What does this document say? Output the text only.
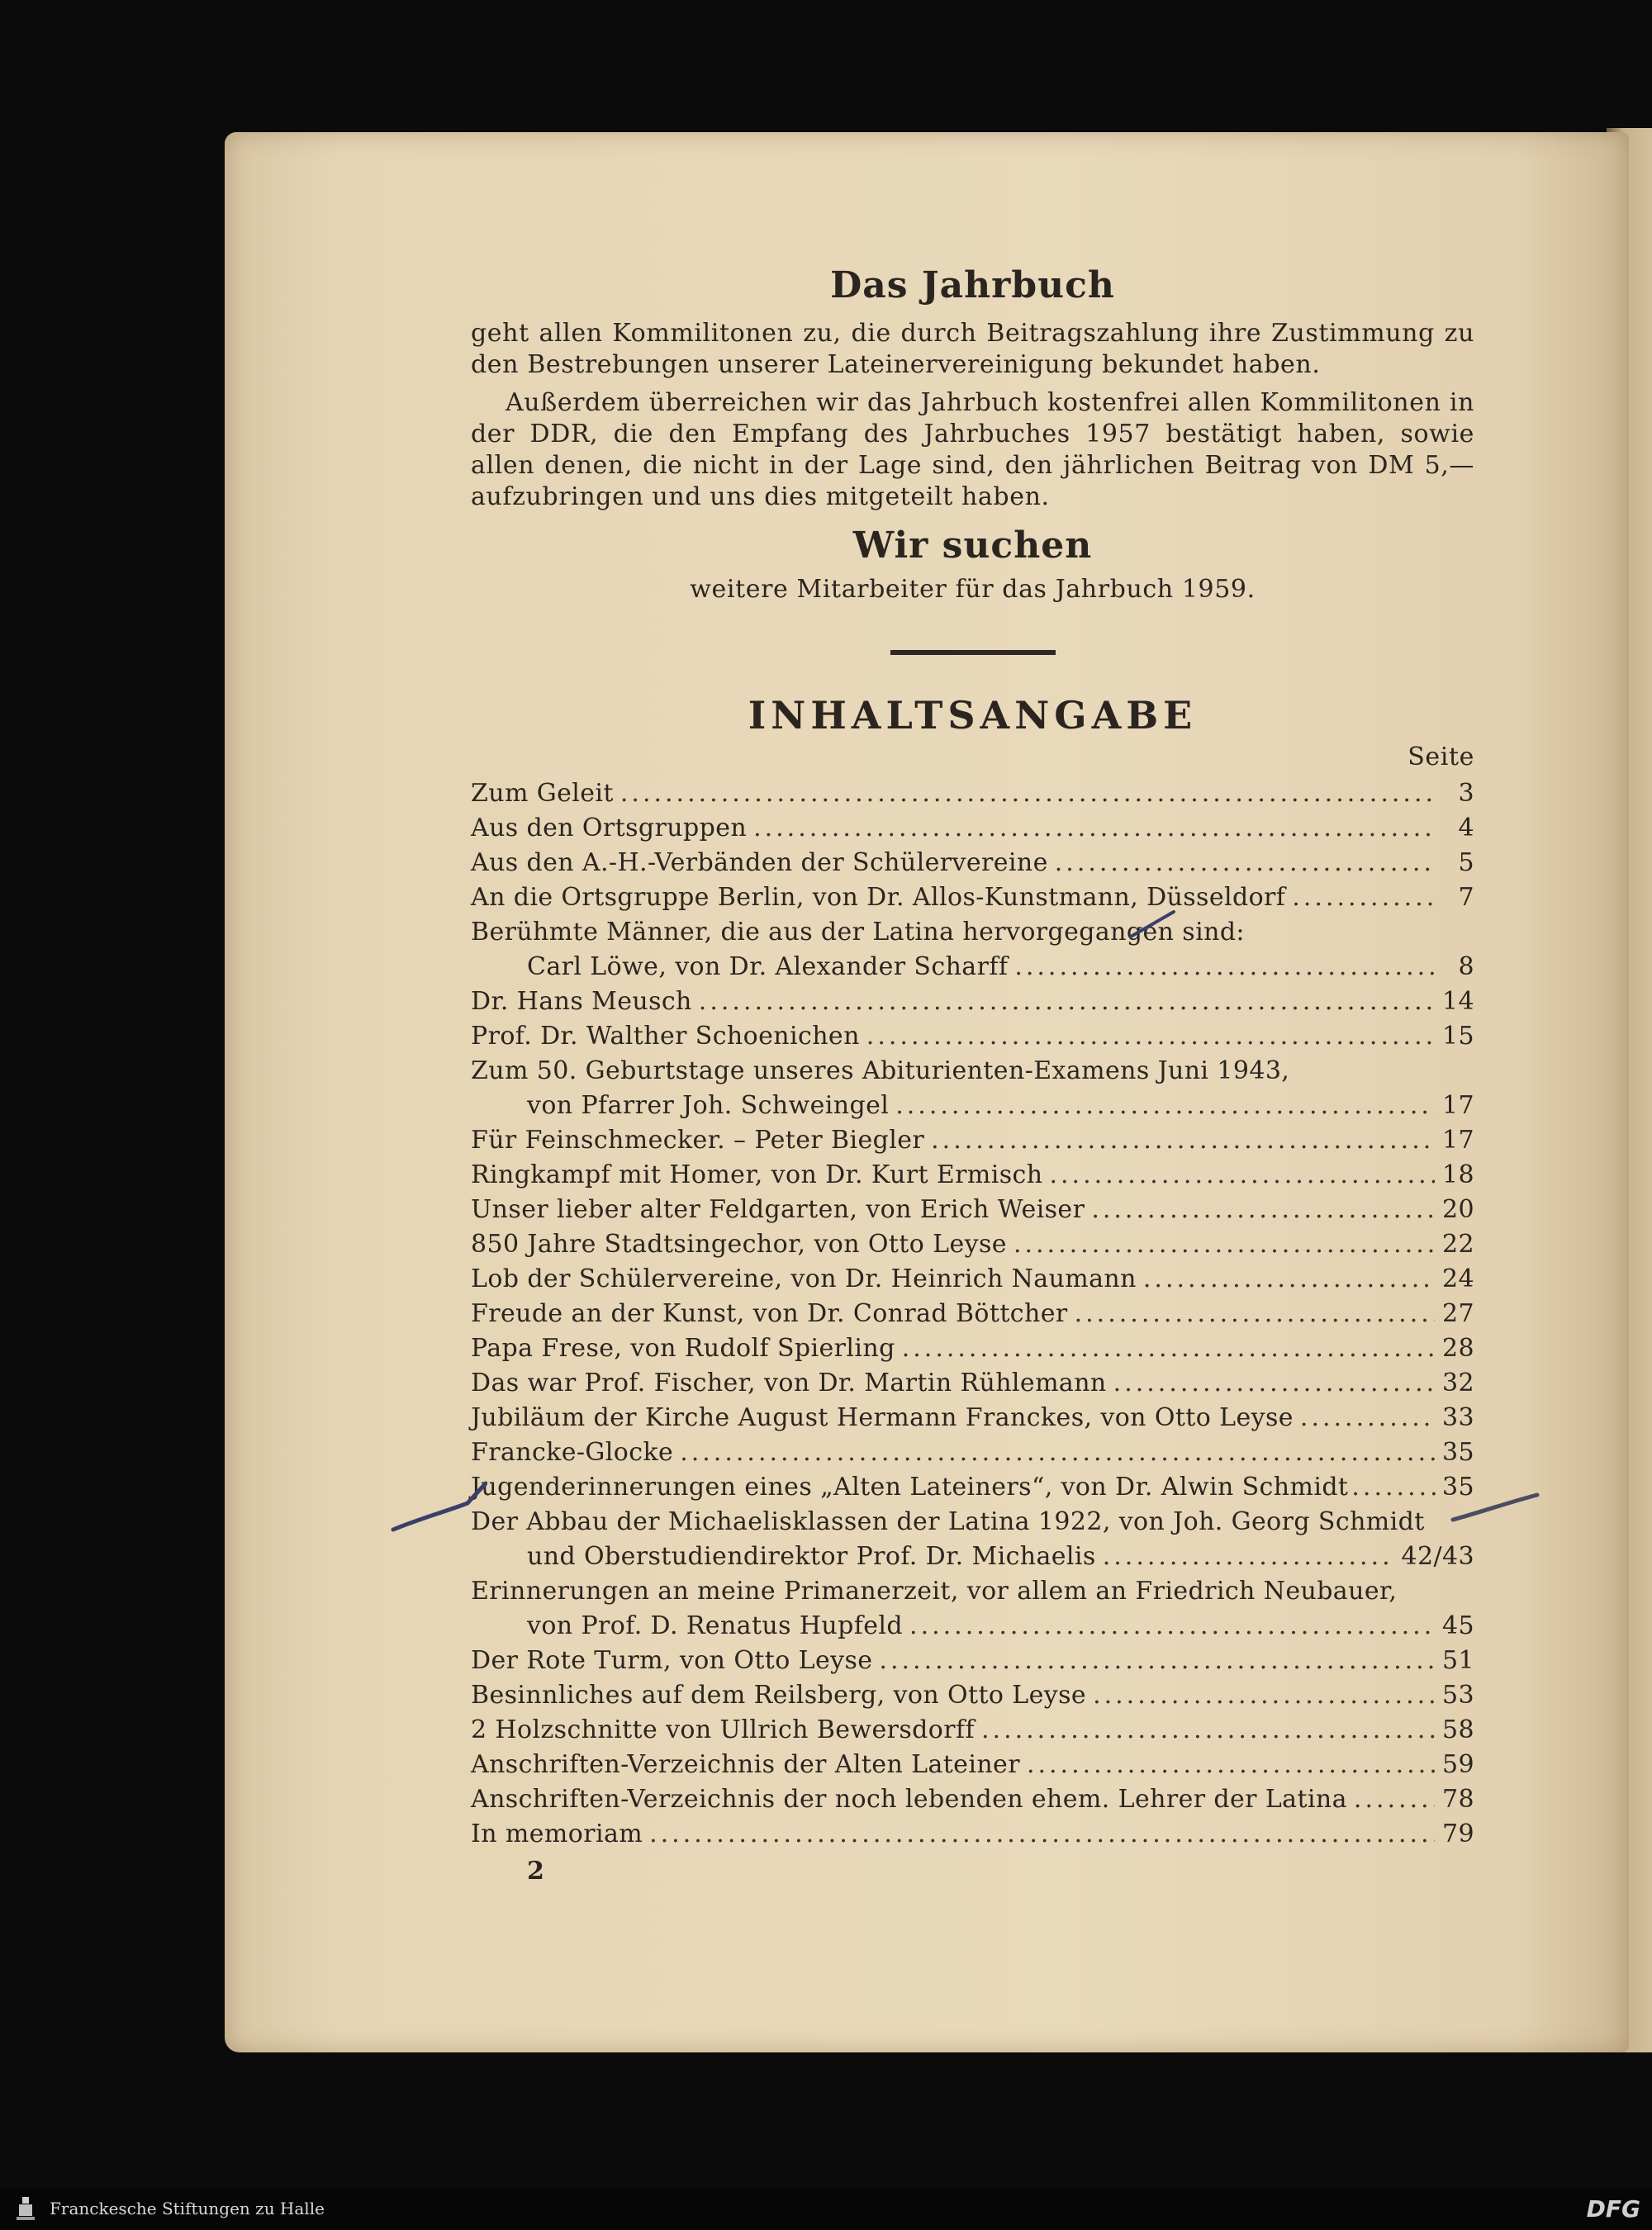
Das Jahrbuch

geht allen Kommilitonen zu, die durch Beitragszahlung ihre Zustimmung zu den Bestrebungen unserer Lateinervereinigung bekundet haben.

Außerdem überreichen wir das Jahrbuch kostenfrei allen Kommilitonen in der DDR, die den Empfang des Jahrbuches 1957 bestätigt haben, sowie allen denen, die nicht in der Lage sind, den jährlichen Beitrag von DM 5,— aufzubringen und uns dies mitgeteilt haben.

Wir suchen

weitere Mitarbeiter für das Jahrbuch 1959.

INHALTSANGABE

Seite

Zum Geleit .....	3
Aus den Ortsgruppen .....	4
Aus den A.-H.-Verbänden der Schülervereine .....	5
An die Ortsgruppe Berlin, von Dr. Allos-Kunstmann, Düsseldorf .....	7
Berühmte Männer, die aus der Latina hervorgegangen sind:
Carl Löwe, von Dr. Alexander Scharff .....	8
Dr. Hans Meusch .....	14
Prof. Dr. Walther Schoenichen .....	15
Zum 50. Geburtstage unseres Abiturienten-Examens Juni 1943,
von Pfarrer Joh. Schweingel .....	17
Für Feinschmecker. – Peter Biegler .....	17
Ringkampf mit Homer, von Dr. Kurt Ermisch .....	18
Unser lieber alter Feldgarten, von Erich Weiser .....	20
850 Jahre Stadtsingechor, von Otto Leyse .....	22
Lob der Schülervereine, von Dr. Heinrich Naumann .....	24
Freude an der Kunst, von Dr. Conrad Böttcher .....	27
Papa Frese, von Rudolf Spierling .....	28
Das war Prof. Fischer, von Dr. Martin Rühlemann .....	32
Jubiläum der Kirche August Hermann Franckes, von Otto Leyse .....	33
Francke-Glocke .....	35
Jugenderinnerungen eines „Alten Lateiners“, von Dr. Alwin Schmidt .....	35
Der Abbau der Michaelisklassen der Latina 1922, von Joh. Georg Schmidt
und Oberstudiendirektor Prof. Dr. Michaelis .....	42/43
Erinnerungen an meine Primanerzeit, vor allem an Friedrich Neubauer,
von Prof. D. Renatus Hupfeld .....	45
Der Rote Turm, von Otto Leyse .....	51
Besinnliches auf dem Reilsberg, von Otto Leyse .....	53
2 Holzschnitte von Ullrich Bewersdorff .....	58
Anschriften-Verzeichnis der Alten Lateiner .....	59
Anschriften-Verzeichnis der noch lebenden ehem. Lehrer der Latina .....	78
In memoriam .....	79
2
Franckesche Stiftungen zu Halle	DFG
